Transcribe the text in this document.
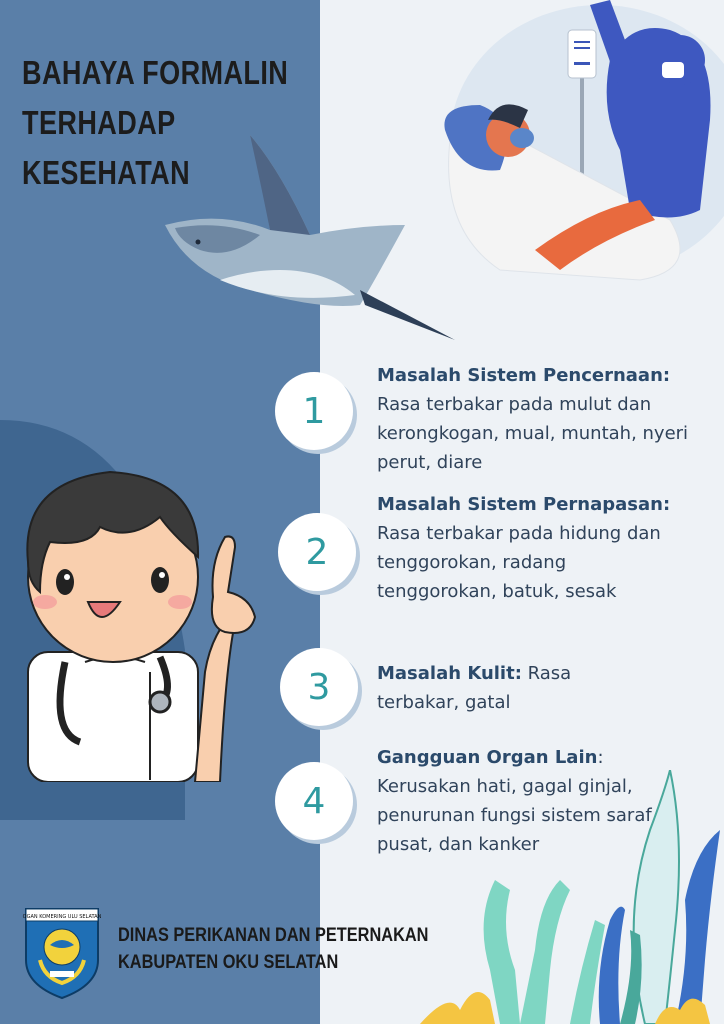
BAHAYA FORMALIN
TERHADAP
KESEHATAN
1
Masalah Sistem Pencernaan:
Rasa terbakar pada mulut dan kerongkogan, mual, muntah, nyeri perut, diare
2
Masalah Sistem Pernapasan: Rasa terbakar pada hidung dan tenggorokan, radang tenggorokan, batuk, sesak
3	Masalah Kulit: Rasa terbakar, gatal
4
Gangguan Organ Lain:
Kerusakan hati, gagal ginjal, penurunan fungsi sistem saraf pusat, dan kanker
OGAN KOMERING ULU SELATAN
DINAS PERIKANAN DAN PETERNAKAN
KABUPATEN OKU SELATAN
